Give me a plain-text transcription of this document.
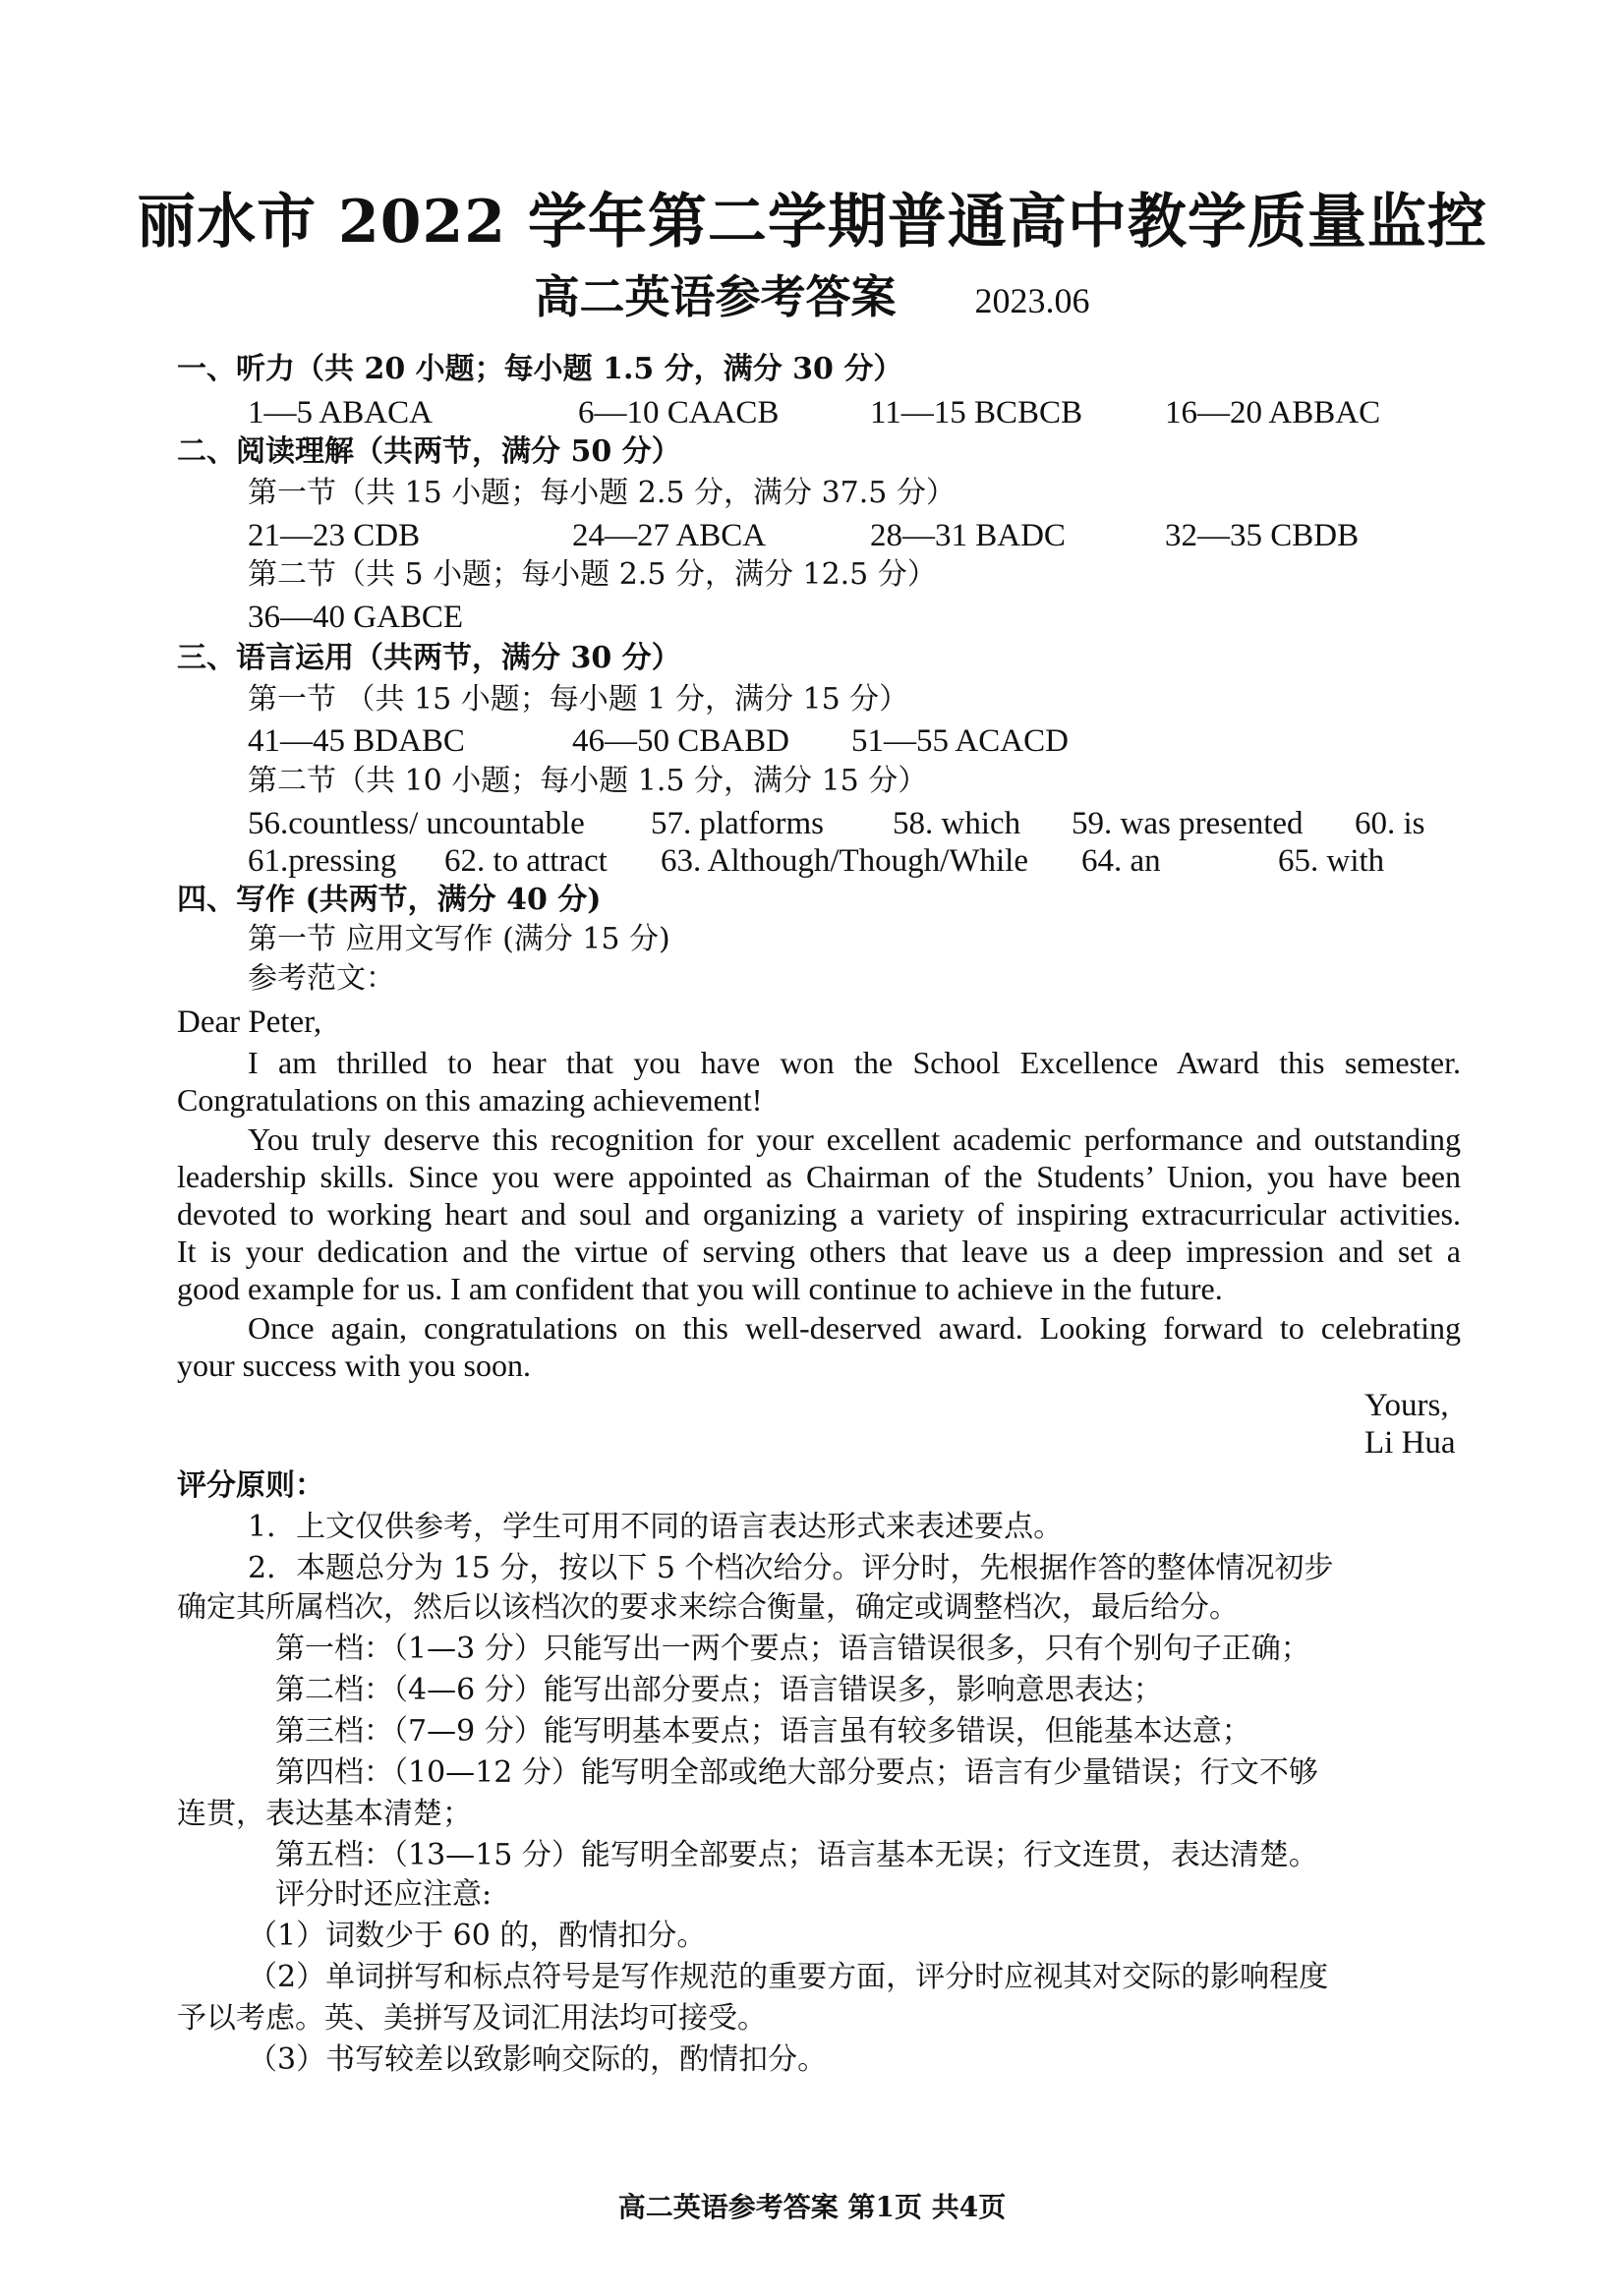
丽水市 2022 学年第二学期普通高中教学质量监控
高二英语参考答案 2023.06
一、听力（共 20 小题；每小题 1.5 分，满分 30 分）
1—5 ABACA	6—10 CAACB	11—15 BCBCB	16—20 ABBAC
二、阅读理解（共两节，满分 50 分）
第一节（共 15 小题；每小题 2.5 分，满分 37.5 分）
21—23 CDB	24—27 ABCA	28—31 BADC	32—35 CBDB
第二节（共 5 小题；每小题 2.5 分，满分 12.5 分）
36—40 GABCE
三、语言运用（共两节，满分 30 分）
第一节 （共 15 小题；每小题 1 分，满分 15 分）
41—45 BDABC	46—50 CBABD 51—55 ACACD
第二节（共 10 小题；每小题 1.5 分，满分 15 分）
56.countless/ uncountable 57. platforms 58. which 59. was presented 60. is
61.pressing 62. to attract 63. Although/Though/While 64. an	65. with
四、写作 (共两节，满分 40 分)
第一节 应用文写作 (满分 15 分)
参考范文：
Dear Peter,
I am thrilled to hear that you have won the School Excellence Award this semester.
Congratulations on this amazing achievement!
You truly deserve this recognition for your excellent academic performance and outstanding
leadership skills. Since you were appointed as Chairman of the Students’ Union, you have been
devoted to working heart and soul and organizing a variety of inspiring extracurricular activities.
It is your dedication and the virtue of serving others that leave us a deep impression and set a
good example for us. I am confident that you will continue to achieve in the future.
Once again, congratulations on this well-deserved award. Looking forward to celebrating
your success with you soon.
Yours,
Li Hua
评分原则：
1．上文仅供参考，学生可用不同的语言表达形式来表述要点。
2．本题总分为 15 分，按以下 5 个档次给分。评分时，先根据作答的整体情况初步
确定其所属档次，然后以该档次的要求来综合衡量，确定或调整档次，最后给分。
第一档：（1—3 分）只能写出一两个要点；语言错误很多，只有个别句子正确；
第二档：（4—6 分）能写出部分要点；语言错误多，影响意思表达；
第三档：（7—9 分）能写明基本要点；语言虽有较多错误，但能基本达意；
第四档：（10—12 分）能写明全部或绝大部分要点；语言有少量错误；行文不够
连贯，表达基本清楚；
第五档：（13—15 分）能写明全部要点；语言基本无误；行文连贯，表达清楚。
评分时还应注意:
（1）词数少于 60 的，酌情扣分。
（2）单词拼写和标点符号是写作规范的重要方面，评分时应视其对交际的影响程度
予以考虑。英、美拼写及词汇用法均可接受。
（3）书写较差以致影响交际的，酌情扣分。
高二英语参考答案 第1页 共4页
